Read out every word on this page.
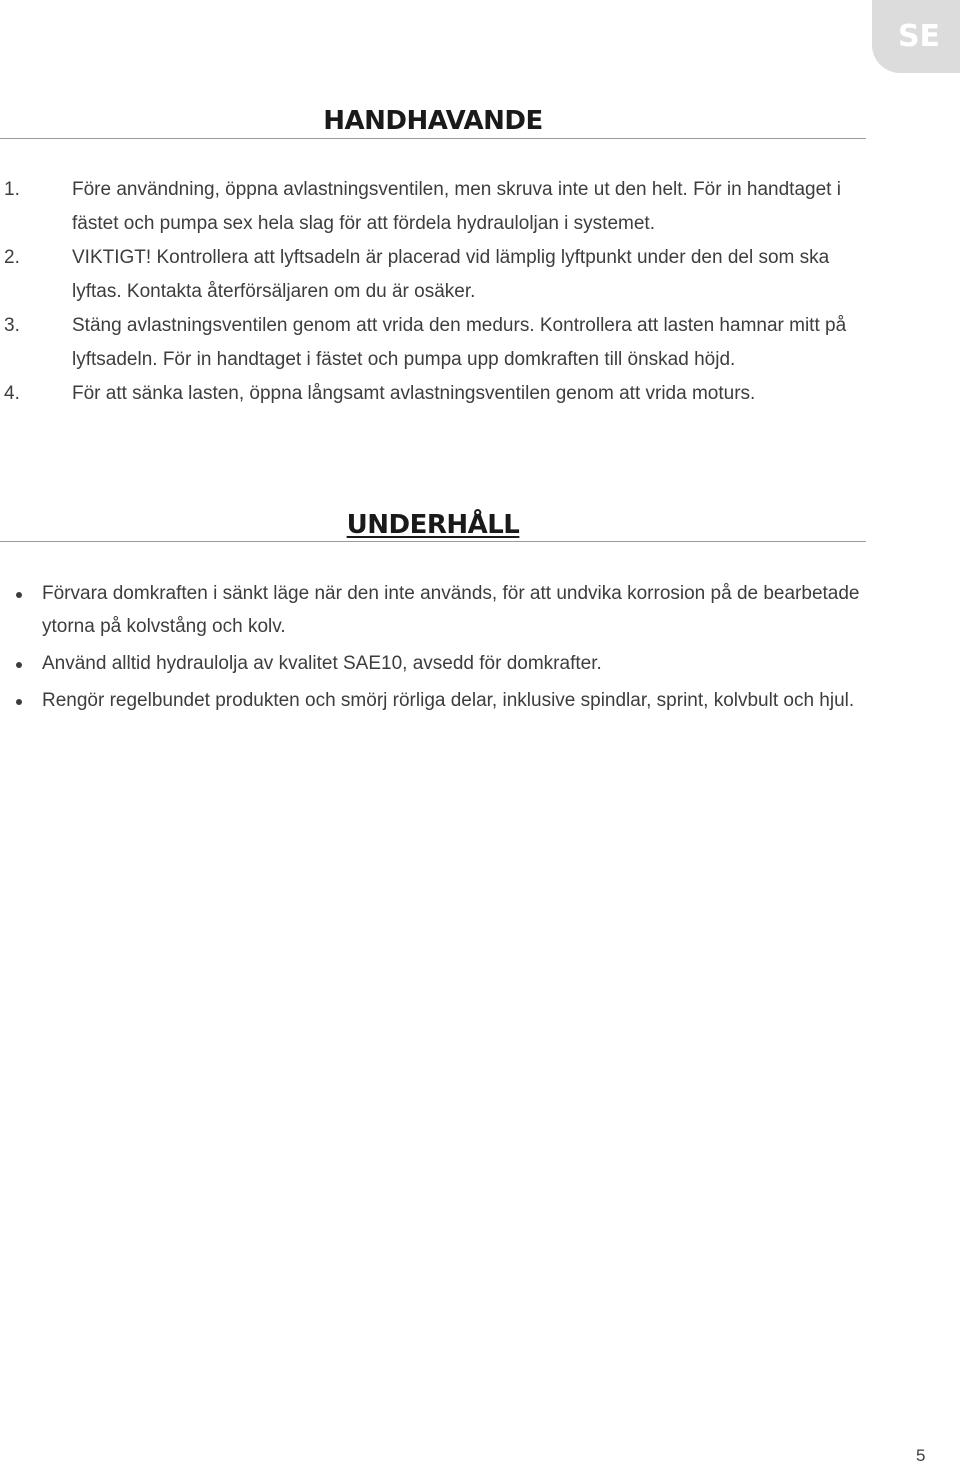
SE
HANDHAVANDE
1.	Före användning, öppna avlastningsventilen, men skruva inte ut den helt. För in handtaget i fästet och pumpa sex hela slag för att fördela hydrauloljan i systemet.
2.	VIKTIGT! Kontrollera att lyftsadeln är placerad vid lämplig lyftpunkt under den del som ska lyftas. Kontakta återförsäljaren om du är osäker.
3.	Stäng avlastningsventilen genom att vrida den medurs. Kontrollera att lasten hamnar mitt på lyftsadeln. För in handtaget i fästet och pumpa upp domkraften till önskad höjd.
4.	För att sänka lasten, öppna långsamt avlastningsventilen genom att vrida moturs.
UNDERHÅLL
Förvara domkraften i sänkt läge när den inte används, för att undvika korrosion på de bearbetade ytorna på kolvstång och kolv.
Använd alltid hydraulolja av kvalitet SAE10, avsedd för domkrafter.
Rengör regelbundet produkten och smörj rörliga delar, inklusive spindlar, sprint, kolvbult och hjul.
5
